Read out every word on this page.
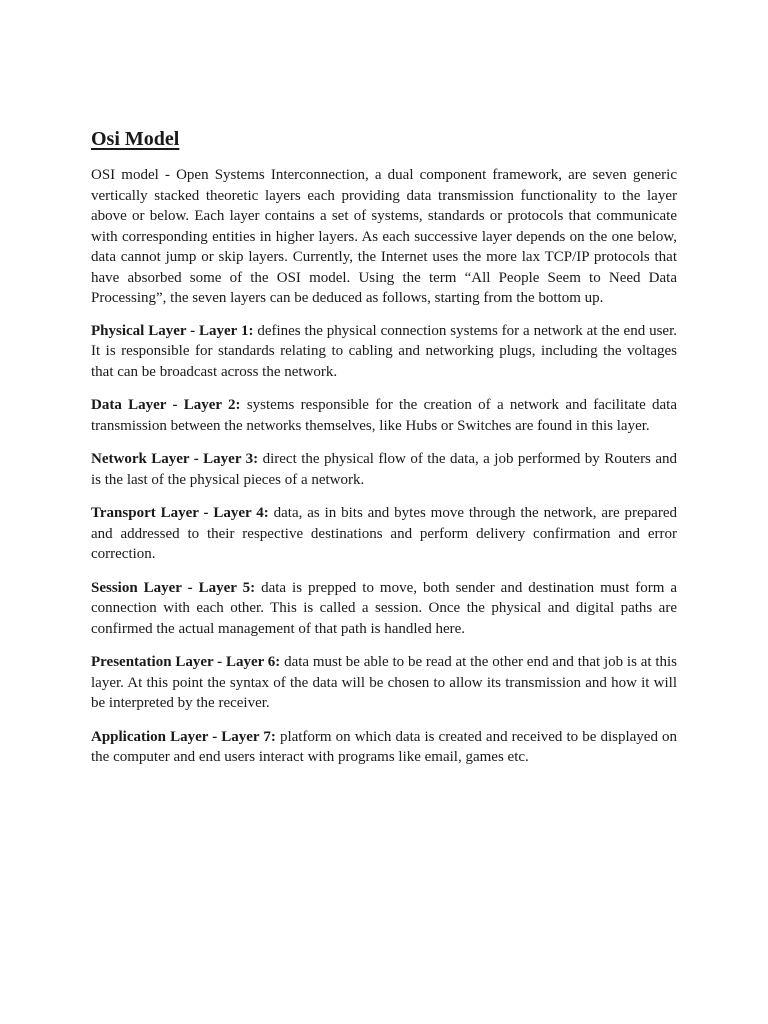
Osi Model

OSI model - Open Systems Interconnection, a dual component framework, are seven generic vertically stacked theoretic layers each providing data transmission functionality to the layer above or below. Each layer contains a set of systems, standards or protocols that communicate with corresponding entities in higher layers. As each successive layer depends on the one below, data cannot jump or skip layers. Currently, the Internet uses the more lax TCP/IP protocols that have absorbed some of the OSI model. Using the term “All People Seem to Need Data Processing”, the seven layers can be deduced as follows, starting from the bottom up.

Physical Layer - Layer 1: defines the physical connection systems for a network at the end user. It is responsible for standards relating to cabling and networking plugs, including the voltages that can be broadcast across the network.

Data Layer - Layer 2: systems responsible for the creation of a network and facilitate data transmission between the networks themselves, like Hubs or Switches are found in this layer.

Network Layer - Layer 3: direct the physical flow of the data, a job performed by Routers and is the last of the physical pieces of a network.

Transport Layer - Layer 4: data, as in bits and bytes move through the network, are prepared and addressed to their respective destinations and perform delivery confirmation and error correction.

Session Layer - Layer 5: data is prepped to move, both sender and destination must form a connection with each other. This is called a session. Once the physical and digital paths are confirmed the actual management of that path is handled here.

Presentation Layer - Layer 6: data must be able to be read at the other end and that job is at this layer. At this point the syntax of the data will be chosen to allow its transmission and how it will be interpreted by the receiver.

Application Layer - Layer 7: platform on which data is created and received to be displayed on the computer and end users interact with programs like email, games etc.
